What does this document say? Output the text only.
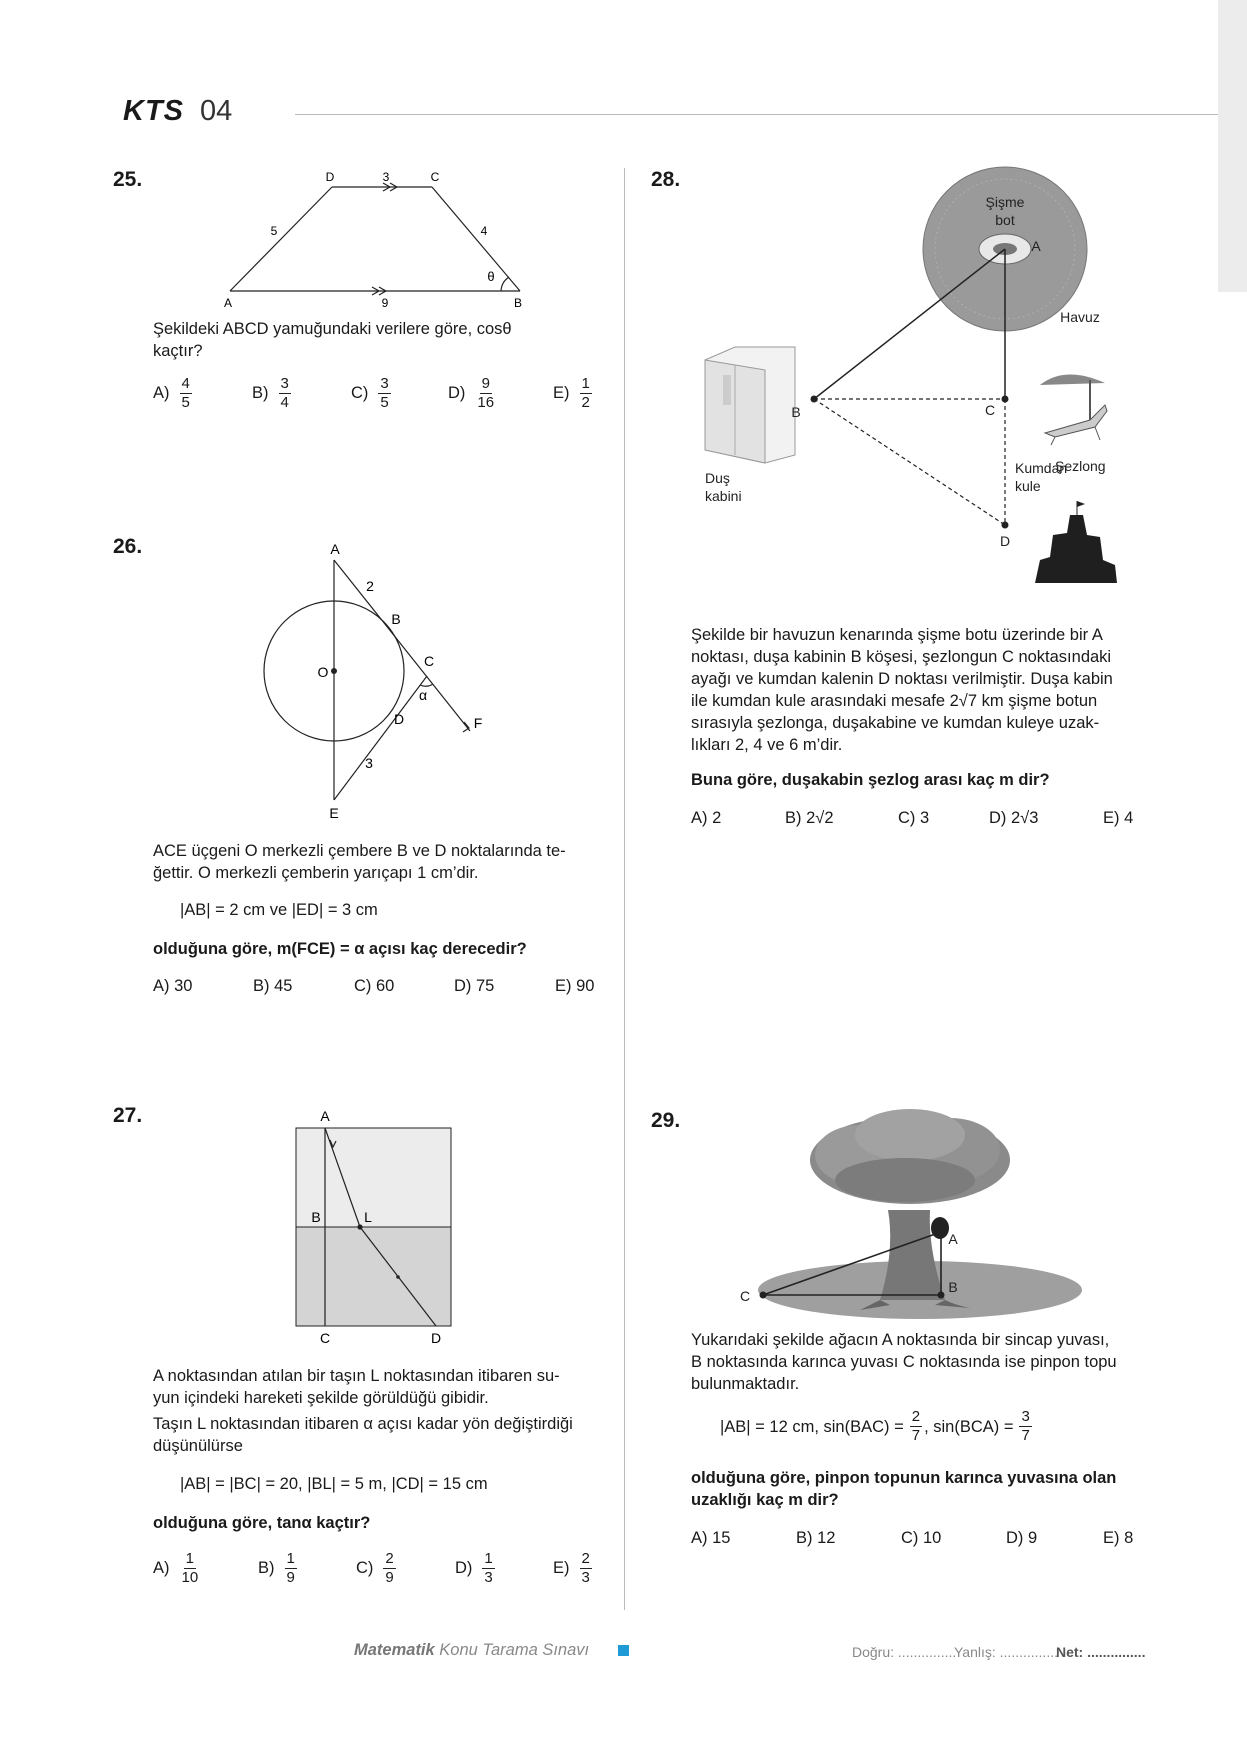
KTS 04
25.	D	3	C
5	4
θ
A	9	B
Şekildeki ABCD yamuğundaki verilere göre, cosθ
kaçtır?
$A) \frac{4}{5}$	$B) \frac{3}{4}$	$C) \frac{3}{5}$	$D) \frac{9}{16}$	$E) \frac{1}{2}$
26.	A
2
B
C
O
α
D	F
3
E
ACE üçgeni O merkezli çembere B ve D noktalarında te-
ğettir. O merkezli çemberin yarıçapı 1 cm’dir.
|AB| = 2 cm ve |ED| = 3 cm
olduğuna göre, m(FCE) = α açısı kaç derecedir?
A) 30	B) 45	C) 60	D) 75	E) 90
27.	A
B	L
C	D
A noktasından atılan bir taşın L noktasından itibaren su-
yun içindeki hareketi şekilde görüldüğü gibidir.
Taşın L noktasından itibaren α açısı kadar yön değiştirdiği
düşünülürse
|AB| = |BC| = 20, |BL| = 5 m, |CD| = 15 cm
olduğuna göre, tanα kaçtır?
$A) \frac{1}{10}$	$B) \frac{1}{9}$	$C) \frac{2}{9}$	$D) \frac{1}{3}$	$E) \frac{2}{3}$
28.
Şişme
bot
A
Havuz
Duş
kabini
Şezlong
Kumdan
kule
B	C
D
Şekilde bir havuzun kenarında şişme botu üzerinde bir A
noktası, duşa kabinin B köşesi, şezlongun C noktasındaki
ayağı ve kumdan kalenin D noktası verilmiştir. Duşa kabin
ile kumdan kule arasındaki mesafe 2√7 km şişme botun
sırasıyla şezlonga, duşakabine ve kumdan kuleye uzak-
lıkları 2, 4 ve 6 m’dir.
Buna göre, duşakabin şezlog arası kaç m dir?
A) 2	B) 2√2	C) 3	D) 2√3	E) 4
29.
A
B
C
Yukarıdaki şekilde ağacın A noktasında bir sincap yuvası,
B noktasında karınca yuvası C noktasında ise pinpon topu
bulunmaktadır.
|AB| = 12 cm, $\sin(BAC) = \frac{2}{7}$ , $\sin(BCA) = \frac{3}{7}$
olduğuna göre, pinpon topunun karınca yuvasına olan
uzaklığı kaç m dir?
A) 15	B) 12	C) 10	D) 9	E) 8
Matematik Konu Tarama Sınavı	Doğru: ...............
Yanlış: ...............
Net: ...............
